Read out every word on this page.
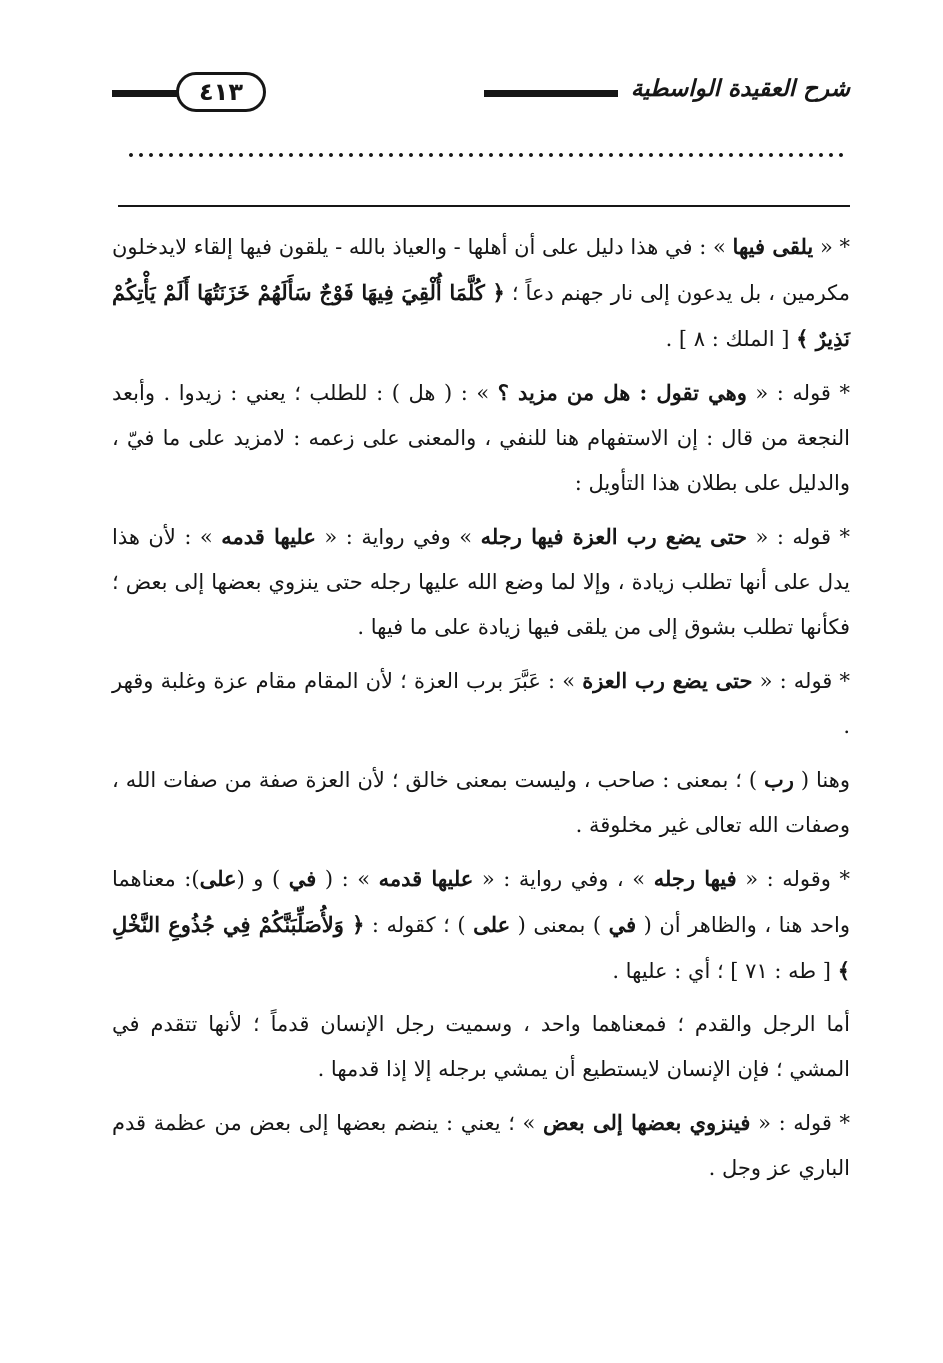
شرح العقيدة الواسطية
٤١٣

* « يلقى فيها » : في هذا دليل على أن أهلها - والعياذ بالله - يلقون فيها إلقاء لايدخلون مكرمين ، بل يدعون إلى نار جهنم دعاً ؛ ﴿ كُلَّمَا أُلْقِيَ فِيهَا فَوْجٌ سَأَلَهُمْ خَزَنَتُهَا أَلَمْ يَأْتِكُمْ نَذِيرٌ ﴾ [ الملك : ٨ ] .

* قوله : « وهي تقول : هل من مزيد ؟ » : ( هل ) : للطلب ؛ يعني : زيدوا . وأبعد النجعة من قال : إن الاستفهام هنا للنفي ، والمعنى على زعمه : لامزيد على ما فيّ ، والدليل على بطلان هذا التأويل :

* قوله : « حتى يضع رب العزة فيها رجله » وفي رواية : « عليها قدمه » : لأن هذا يدل على أنها تطلب زيادة ، وإلا لما وضع الله عليها رجله حتى ينزوي بعضها إلى بعض ؛ فكأنها تطلب بشوق إلى من يلقى فيها زيادة على ما فيها .

* قوله : « حتى يضع رب العزة » : عَبَّرَ برب العزة ؛ لأن المقام مقام عزة وغلبة وقهر .

وهنا ( رب ) ؛ بمعنى : صاحب ، وليست بمعنى خالق ؛ لأن العزة صفة من صفات الله ، وصفات الله تعالى غير مخلوقة .

* وقوله : « فيها رجله » ، وفي رواية : « عليها قدمه » : ( في ) و (على): معناهما واحد هنا ، والظاهر أن ( في ) بمعنى ( على ) ؛ كقوله : ﴿ وَلأُصَلِّبَنَّكُمْ فِي جُذُوعِ النَّخْلِ ﴾ [ طه : ٧١ ] ؛ أي : عليها .

أما الرجل والقدم ؛ فمعناهما واحد ، وسميت رجل الإنسان قدماً ؛ لأنها تتقدم في المشي ؛ فإن الإنسان لايستطيع أن يمشي برجله إلا إذا قدمها .

* قوله : « فينزوي بعضها إلى بعض » ؛ يعني : ينضم بعضها إلى بعض من عظمة قدم الباري عز وجل .
